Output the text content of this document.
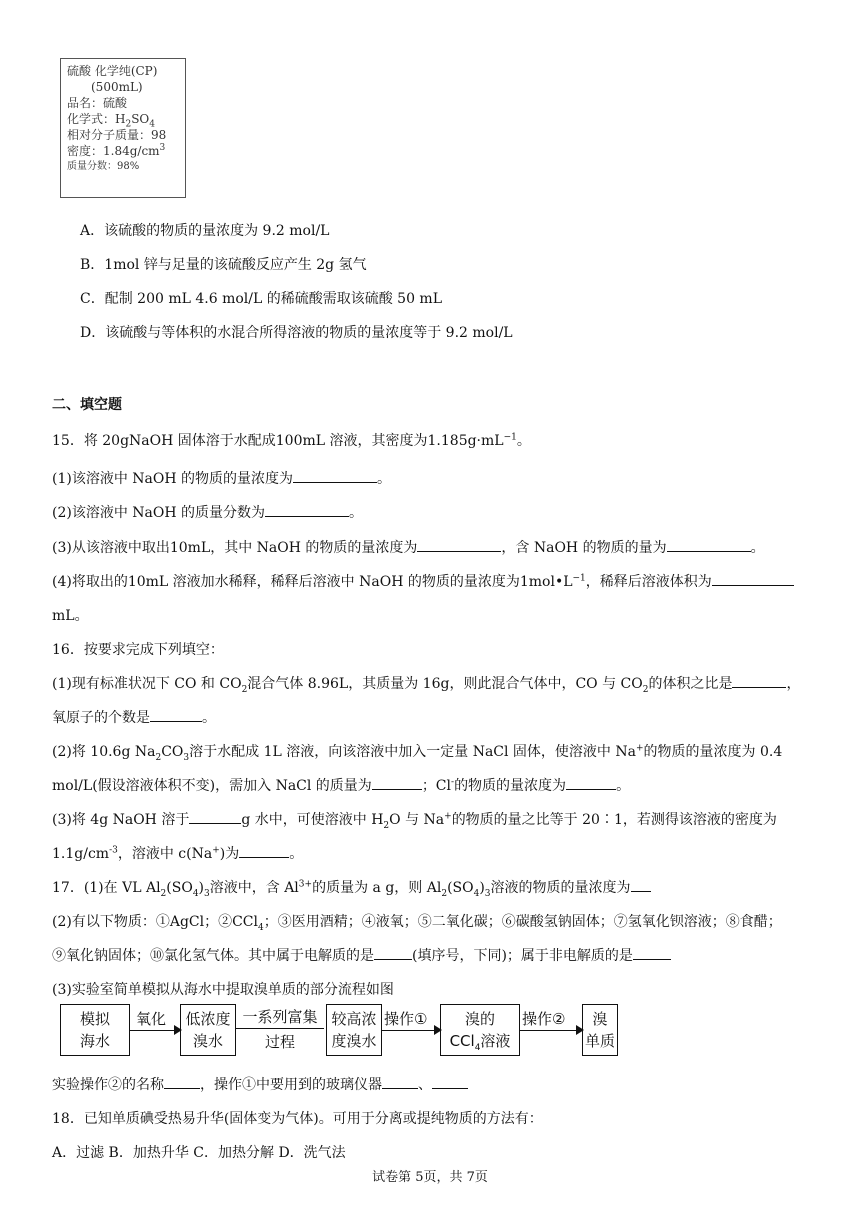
硫酸 化学纯(CP)
(500mL)
品名：硫酸
化学式：$H_2SO_4$
相对分子质量：98
密度：$1.84g/cm^3$
质量分数：98%
A．该硫酸的物质的量浓度为 9.2 mol/L
B．1mol 锌与足量的该硫酸反应产生 2g 氢气
C．配制 200 mL 4.6 mol/L 的稀硫酸需取该硫酸 50 mL
D．该硫酸与等体积的水混合所得溶液的物质的量浓度等于 9.2 mol/L
二、填空题
15．将 20gNaOH 固体溶于水配成100mL 溶液，其密度为$1.185g\cdot mL^{-1}$。
(1)该溶液中 NaOH 的物质的量浓度为	。
(2)该溶液中 NaOH 的质量分数为	。
(3)从该溶液中取出10mL，其中 NaOH 的物质的量浓度为	，含 NaOH 的物质的量为	。
(4)将取出的10mL 溶液加水稀释，稀释后溶液中 NaOH 的物质的量浓度为$1mol•L^{-1}$，稀释后溶液体积为
mL。
16．按要求完成下列填空：
(1)现有标准状况下 CO 和 $CO_2$混合气体 8.96L，其质量为 16g，则此混合气体中，CO 与 $CO_2$的体积之比是	，
氧原子的个数是	。
(2)将 10.6g $Na_2CO_3$溶于水配成 1L 溶液，向该溶液中加入一定量 NaCl 固体，使溶液中 Na+的物质的量浓度为 0.4
mol/L(假设溶液体积不变)，需加入 NaCl 的质量为	；Cl-的物质的量浓度为	。
(3)将 4g NaOH 溶于	g 水中，可使溶液中 $H_2O$ 与 Na+的物质的量之比等于 20∶1，若测得该溶液的密度为
$1.1g/cm^{-3}$，溶液中 c(Na+)为	。
17．(1)在 VL $Al_2(SO_4)_3$溶液中，含 $Al^{3+}$的质量为 a g，则 $Al_2(SO_4)_3$溶液的物质的量浓度为
(2)有以下物质：①AgCl；②CCl$_4$；③医用酒精；④液氧；⑤二氧化碳；⑥碳酸氢钠固体；⑦氢氧化钡溶液；⑧食醋；
⑨氧化钠固体；⑩氯化氢气体。其中属于电解质的是	(填序号，下同)；属于非电解质的是
(3)实验室简单模拟从海水中提取溴单质的部分流程如图
模拟
海水
氧化 低浓度
溴水
一系列富集
过程
较高浓
度溴水
操作①	溴的
CCl$_4$溶液
操作②	溴
单质
实验操作②的名称	，操作①中要用到的玻璃仪器	、
18．已知单质碘受热易升华(固体变为气体)。可用于分离或提纯物质的方法有：
A．过滤 B．加热升华 C．加热分解 D．洗气法
试卷第 5页，共 7页
